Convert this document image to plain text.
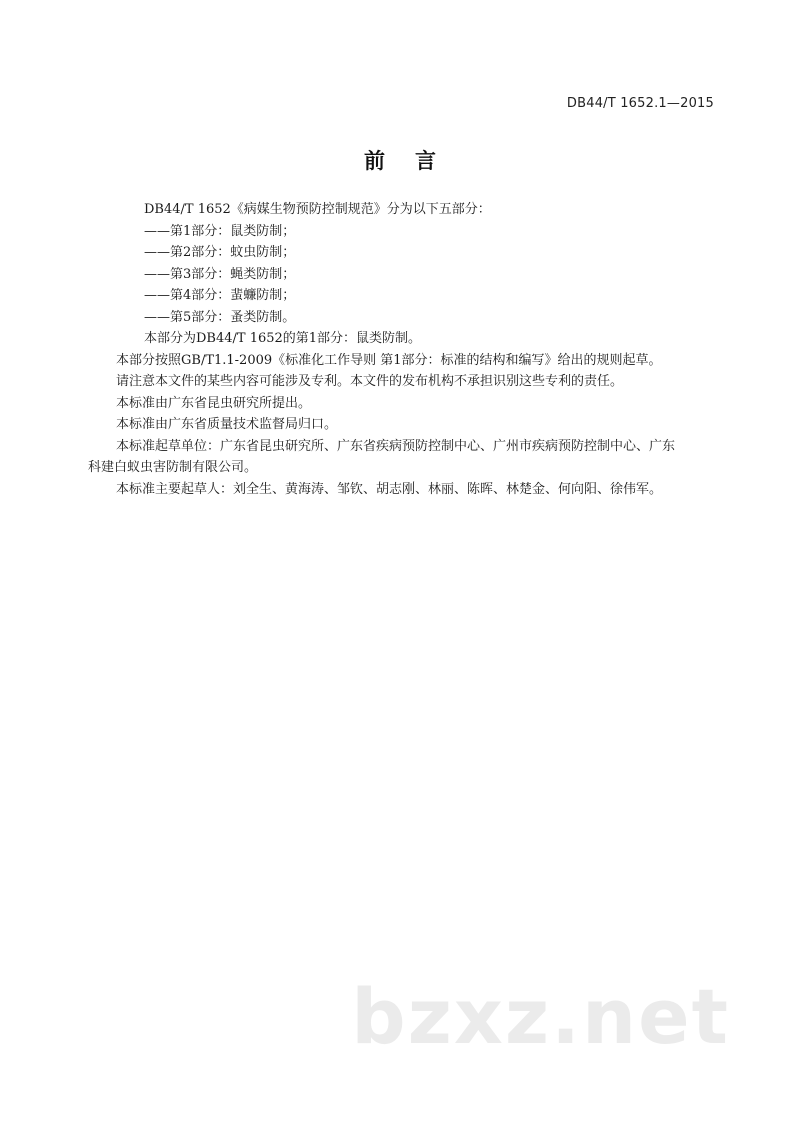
DB44/T 1652.1—2015
前 言

DB44/T 1652《病媒生物预防控制规范》分为以下五部分：

——第1部分：鼠类防制；

——第2部分：蚊虫防制；

——第3部分：蝇类防制；

——第4部分：蜚蠊防制；

——第5部分：蚤类防制。

本部分为DB44/T 1652的第1部分：鼠类防制。

本部分按照GB/T1.1-2009《标准化工作导则 第1部分：标准的结构和编写》给出的规则起草。

请注意本文件的某些内容可能涉及专利。本文件的发布机构不承担识别这些专利的责任。

本标准由广东省昆虫研究所提出。

本标准由广东省质量技术监督局归口。

本标准起草单位：广东省昆虫研究所、广东省疾病预防控制中心、广州市疾病预防控制中心、广东

科建白蚁虫害防制有限公司。

本标准主要起草人：刘全生、黄海涛、邹钦、胡志刚、林丽、陈晖、林楚金、何向阳、徐伟军。

bzxz.net
